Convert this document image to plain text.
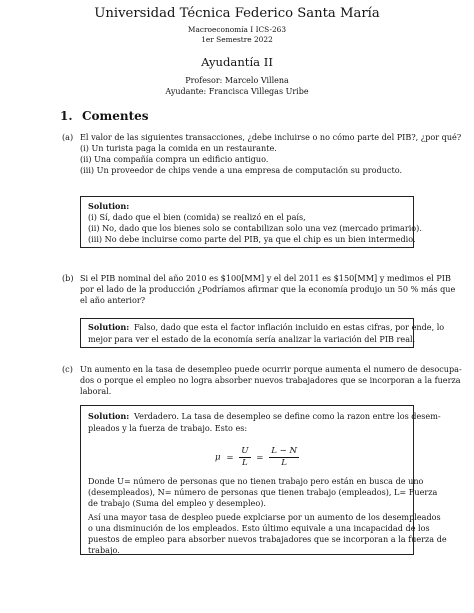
Universidad Técnica Federico Santa María
Macroeconomía I ICS-263
1er Semestre 2022
Ayudantía II
Profesor: Marcelo Villena
Ayudante: Francisca Villegas Uribe
1. Comentes
(a) El valor de las siguientes transacciones, ¿debe incluirse o no cómo parte del PIB?, ¿por qué?
(i) Un turista paga la comida en un restaurante.
(ii) Una compañía compra un edificio antiguo.
(iii) Un proveedor de chips vende a una empresa de computación su producto.
Solution:
(i) Sí, dado que el bien (comida) se realizó en el país,
(ii) No, dado que los bienes solo se contabilizan solo una vez (mercado primario).
(iii) No debe incluirse como parte del PIB, ya que el chip es un bien intermedio.
(b) Si el PIB nominal del año 2010 es $100[MM] y el del 2011 es $150[MM] y medimos el PIB
por el lado de la producción ¿Podríamos afirmar que la economía produjo un 50 % más que
el año anterior?
Solution: Falso, dado que esta el factor inflación incluido en estas cifras, por ende, lo
mejor para ver el estado de la economía sería analizar la variación del PIB real.
(c) Un aumento en la tasa de desempleo puede ocurrir porque aumenta el numero de desocupa-
dos o porque el empleo no logra absorber nuevos trabajadores que se incorporan a la fuerza
laboral.
Solution: Verdadero. La tasa de desempleo se define como la razon entre los desem-
pleados y la fuerza de trabajo. Esto es:
$\mu = \frac{U}{L} = \frac{L - N}{L}$
Donde U= número de personas que no tienen trabajo pero están en busca de uno
(desempleados), N= número de personas que tienen trabajo (empleados), L= Fuerza
de trabajo (Suma del empleo y desempleo).
Así una mayor tasa de despleo puede explciarse por un aumento de los desempleados
o una disminución de los empleados. Esto último equivale a una incapacidad de los
puestos de empleo para absorber nuevos trabajadores que se incorporan a la fuerza de
trabajo.
